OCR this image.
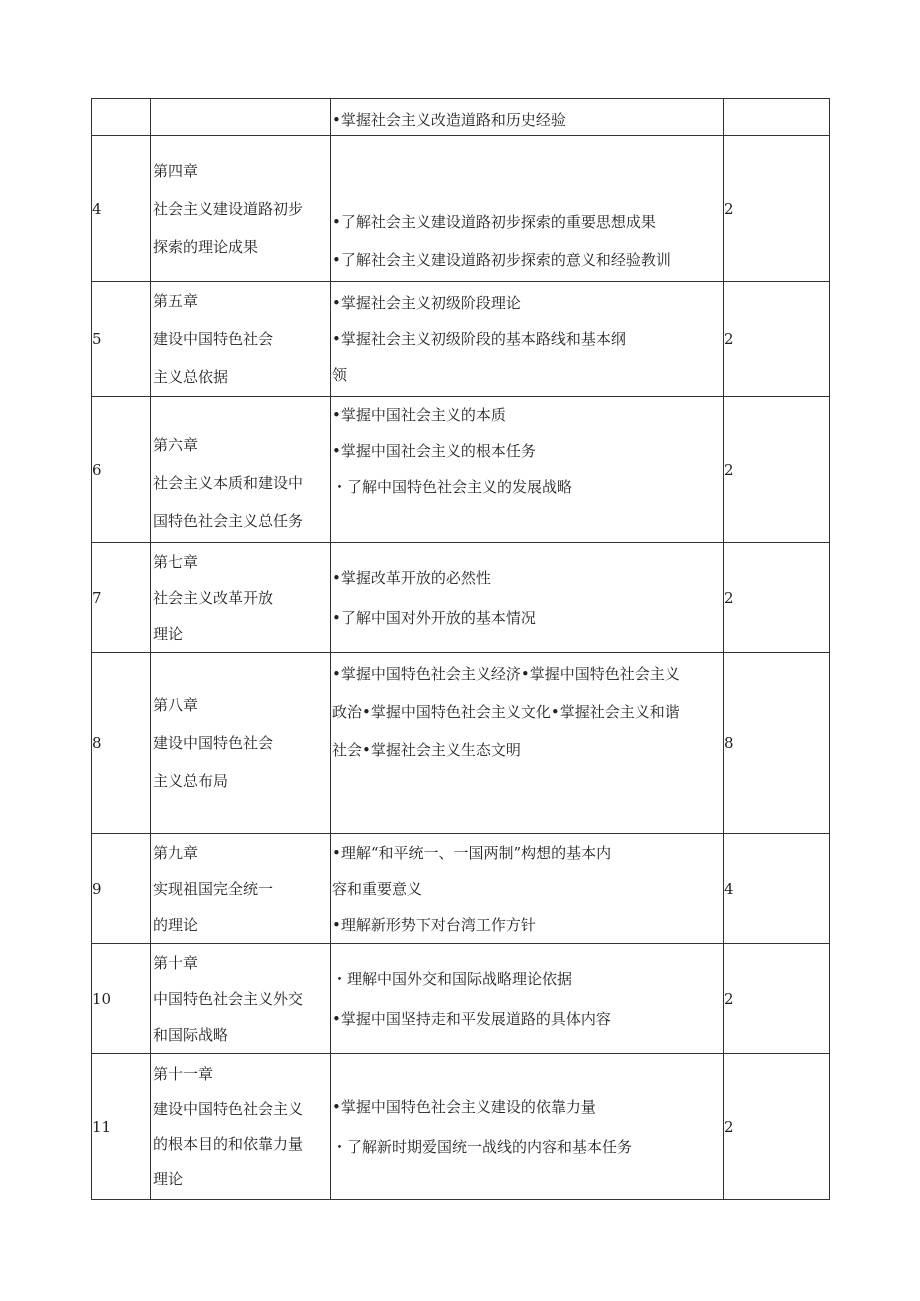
		•掌握社会主义改造道路和历史经验	

4	第四章
社会主义建设道路初步
探索的理论成果	•了解社会主义建设道路初步探索的重要思想成果
•了解社会主义建设道路初步探索的意义和经验教训	2

5	第五章
建设中国特色社会
主义总依据	•掌握社会主义初级阶段理论
•掌握社会主义初级阶段的基本路线和基本纲
领	2

6	第六章
社会主义本质和建设中
国特色社会主义总任务	•掌握中国社会主义的本质
•掌握中国社会主义的根本任务
・了解中国特色社会主义的发展战略	2

7	第七章
社会主义改革开放
理论	•掌握改革开放的必然性
•了解中国对外开放的基本情况	2

8	第八章
建设中国特色社会
主义总布局	•掌握中国特色社会主义经济•掌握中国特色社会主义
政治•掌握中国特色社会主义文化•掌握社会主义和谐
社会•掌握社会主义生态文明	8

9	第九章
实现祖国完全统一
的理论	•理解“和平统一、一国两制”构想的基本内
容和重要意义
•理解新形势下对台湾工作方针	4

10	第十章
中国特色社会主义外交
和国际战略	・理解中国外交和国际战略理论依据
•掌握中国坚持走和平发展道路的具体内容	2

11	第十一章
建设中国特色社会主义
的根本目的和依靠力量
理论	•掌握中国特色社会主义建设的依靠力量
・了解新时期爱国统一战线的内容和基本任务	2
